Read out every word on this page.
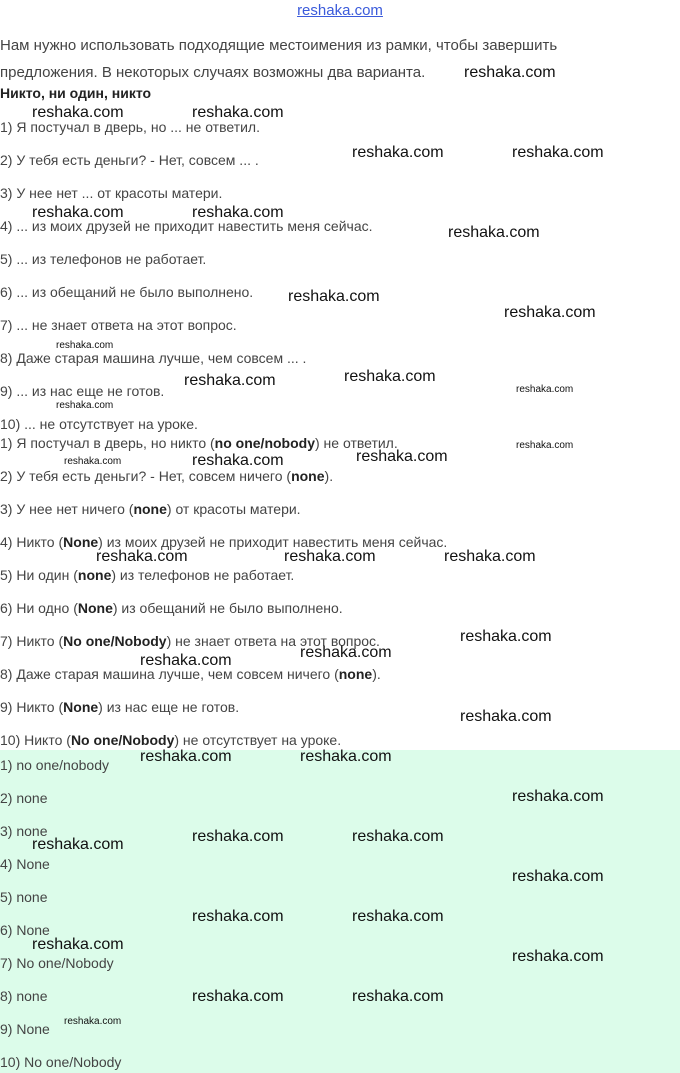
reshaka.com
Нам нужно использовать подходящие местоимения из рамки, чтобы завершить предложения. В некоторых случаях возможны два варианта.
Никто, ни один, никто
1) Я постучал в дверь, но ... не ответил.
2) У тебя есть деньги? - Нет, совсем ... .
3) У нее нет ... от красоты матери.
4) ... из моих друзей не приходит навестить меня сейчас.
5) ... из телефонов не работает.
6) ... из обещаний не было выполнено.
7) ... не знает ответа на этот вопрос.
8) Даже старая машина лучше, чем совсем ... .
9) ... из нас еще не готов.
10) ... не отсутствует на уроке.
1) Я постучал в дверь, но никто (no one/nobody) не ответил.
2) У тебя есть деньги? - Нет, совсем ничего (none).
3) У нее нет ничего (none) от красоты матери.
4) Никто (None) из моих друзей не приходит навестить меня сейчас.
5) Ни один (none) из телефонов не работает.
6) Ни одно (None) из обещаний не было выполнено.
7) Никто (No one/Nobody) не знает ответа на этот вопрос.
8) Даже старая машина лучше, чем совсем ничего (none).
9) Никто (None) из нас еще не готов.
10) Никто (No one/Nobody) не отсутствует на уроке.
1) no one/nobody
2) none
3) none
4) None
5) none
6) None
7) No one/Nobody
8) none
9) None
10) No one/Nobody
reshaka.com
reshaka.com	reshaka.com
reshaka.com	reshaka.com
reshaka.com	reshaka.com
reshaka.com
reshaka.com
reshaka.com
reshaka.com
reshaka.com	reshaka.com
reshaka.com
reshaka.com
reshaka.com
reshaka.com	reshaka.com	reshaka.com
reshaka.com	reshaka.com	reshaka.com
reshaka.com
reshaka.com	reshaka.com
reshaka.com
reshaka.com	reshaka.com
reshaka.com
reshaka.com	reshaka.com	reshaka.com
reshaka.com
reshaka.com	reshaka.com
reshaka.com
reshaka.com
reshaka.com	reshaka.com
reshaka.com
